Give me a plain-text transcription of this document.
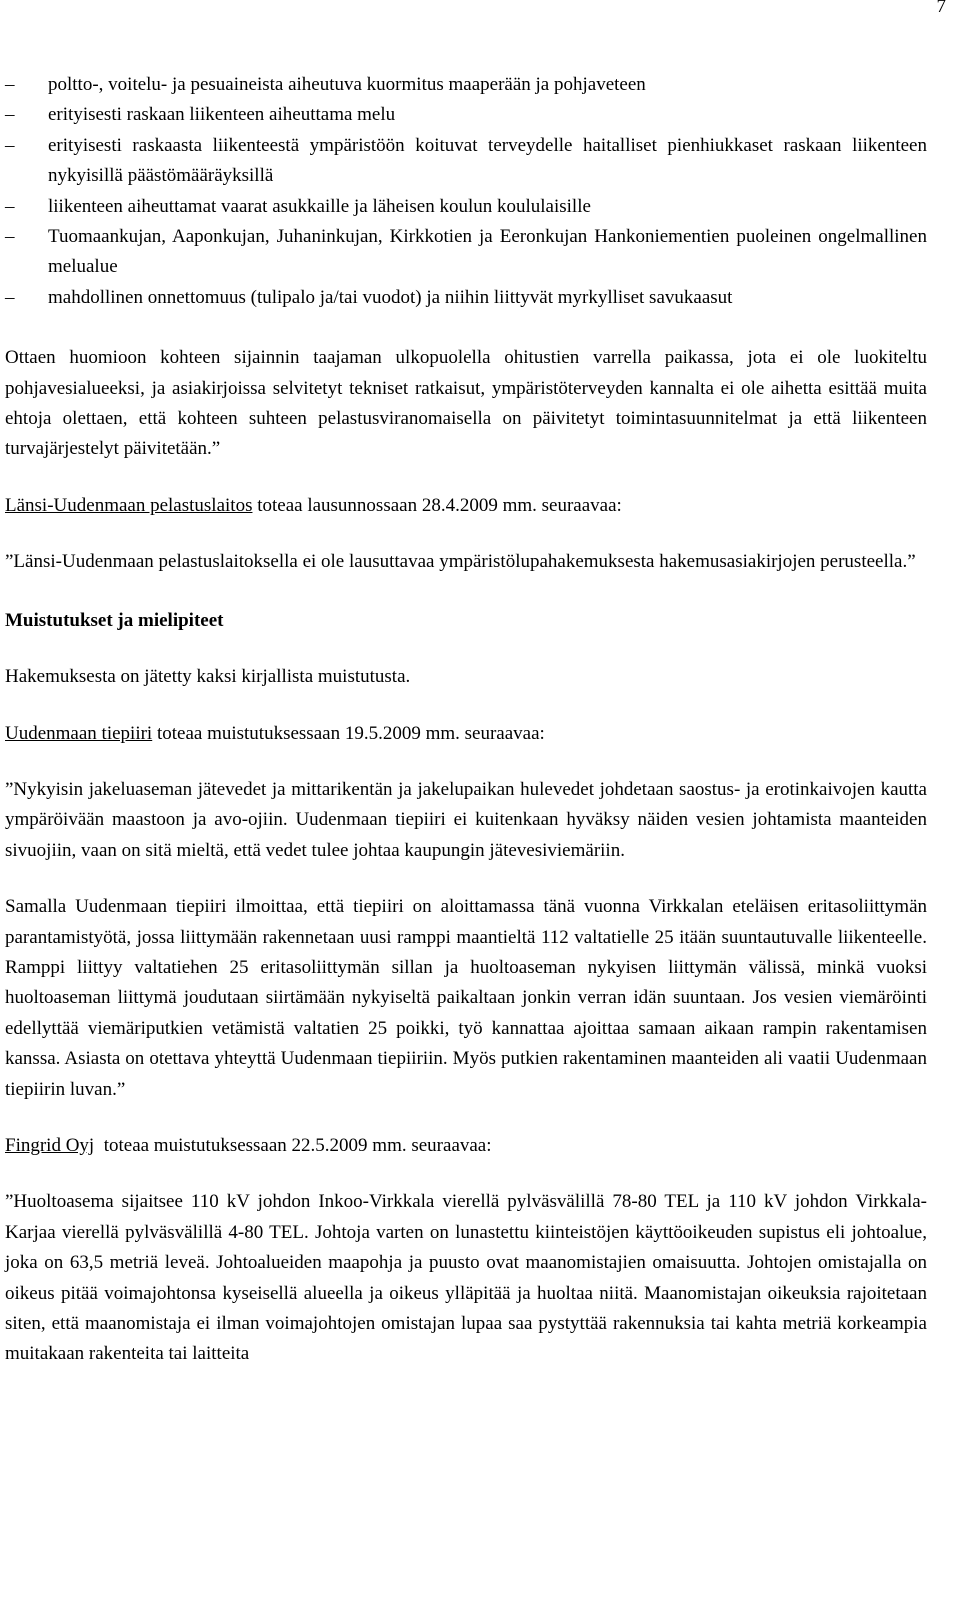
7
– poltto-, voitelu- ja pesuaineista aiheutuva kuormitus maaperään ja pohjaveteen
– erityisesti raskaan liikenteen aiheuttama melu
– erityisesti raskaasta liikenteestä ympäristöön koituvat terveydelle haitalliset pienhiukkaset raskaan liikenteen nykyisillä päästömääräyksillä
– liikenteen aiheuttamat vaarat asukkaille ja läheisen koulun koululaisille
– Tuomaankujan, Aaponkujan, Juhaninkujan, Kirkkotien ja Eeronkujan Hankoniementien puoleinen ongelmallinen melualue
– mahdollinen onnettomuus (tulipalo ja/tai vuodot) ja niihin liittyvät myrkylliset savukaasut

Ottaen huomioon kohteen sijainnin taajaman ulkopuolella ohitustien varrella paikassa, jota ei ole luokiteltu pohjavesialueeksi, ja asiakirjoissa selvitetyt tekniset ratkaisut, ympäristöterveyden kannalta ei ole aihetta esittää muita ehtoja olettaen, että kohteen suhteen pelastusviranomaisella on päivitetyt toimintasuunnitelmat ja että liikenteen turvajärjestelyt päivitetään.”

Länsi-Uudenmaan pelastuslaitos toteaa lausunnossaan 28.4.2009 mm. seuraavaa:

”Länsi-Uudenmaan pelastuslaitoksella ei ole lausuttavaa ympäristölupahakemuksesta hakemusasiakirjojen perusteella.”

Muistutukset ja mielipiteet

Hakemuksesta on jätetty kaksi kirjallista muistutusta.

Uudenmaan tiepiiri toteaa muistutuksessaan 19.5.2009 mm. seuraavaa:

”Nykyisin jakeluaseman jätevedet ja mittarikentän ja jakelupaikan hulevedet johdetaan saostus- ja erotinkaivojen kautta ympäröivään maastoon ja avo-ojiin. Uudenmaan tiepiiri ei kuitenkaan hyväksy näiden vesien johtamista maanteiden sivuojiin, vaan on sitä mieltä, että vedet tulee johtaa kaupungin jätevesiviemäriin.

Samalla Uudenmaan tiepiiri ilmoittaa, että tiepiiri on aloittamassa tänä vuonna Virkkalan eteläisen eritasoliittymän parantamistyötä, jossa liittymään rakennetaan uusi ramppi maantieltä 112 valtatielle 25 itään suuntautuvalle liikenteelle. Ramppi liittyy valtatiehen 25 eritasoliittymän sillan ja huoltoaseman nykyisen liittymän välissä, minkä vuoksi huoltoaseman liittymä joudutaan siirtämään nykyiseltä paikaltaan jonkin verran idän suuntaan. Jos vesien viemäröinti edellyttää viemäriputkien vetämistä valtatien 25 poikki, työ kannattaa ajoittaa samaan aikaan rampin rakentamisen kanssa. Asiasta on otettava yhteyttä Uudenmaan tiepiiriin. Myös putkien rakentaminen maanteiden ali vaatii Uudenmaan tiepiirin luvan.”

Fingrid Oyj  toteaa muistutuksessaan 22.5.2009 mm. seuraavaa:

”Huoltoasema sijaitsee 110 kV johdon Inkoo-Virkkala vierellä pylväsvälillä 78-80 TEL ja 110 kV johdon Virkkala-Karjaa vierellä pylväsvälillä 4-80 TEL. Johtoja varten on lunastettu kiinteistöjen käyttöoikeuden supistus eli johtoalue, joka on 63,5 metriä leveä. Johtoalueiden maapohja ja puusto ovat maanomistajien omaisuutta. Johtojen omistajalla on oikeus pitää voimajohtonsa kyseisellä alueella ja oikeus ylläpitää ja huoltaa niitä. Maanomistajan oikeuksia rajoitetaan siten, että maanomistaja ei ilman voimajohtojen omistajan lupaa saa pystyttää rakennuksia tai kahta metriä korkeampia muitakaan rakenteita tai laitteita
